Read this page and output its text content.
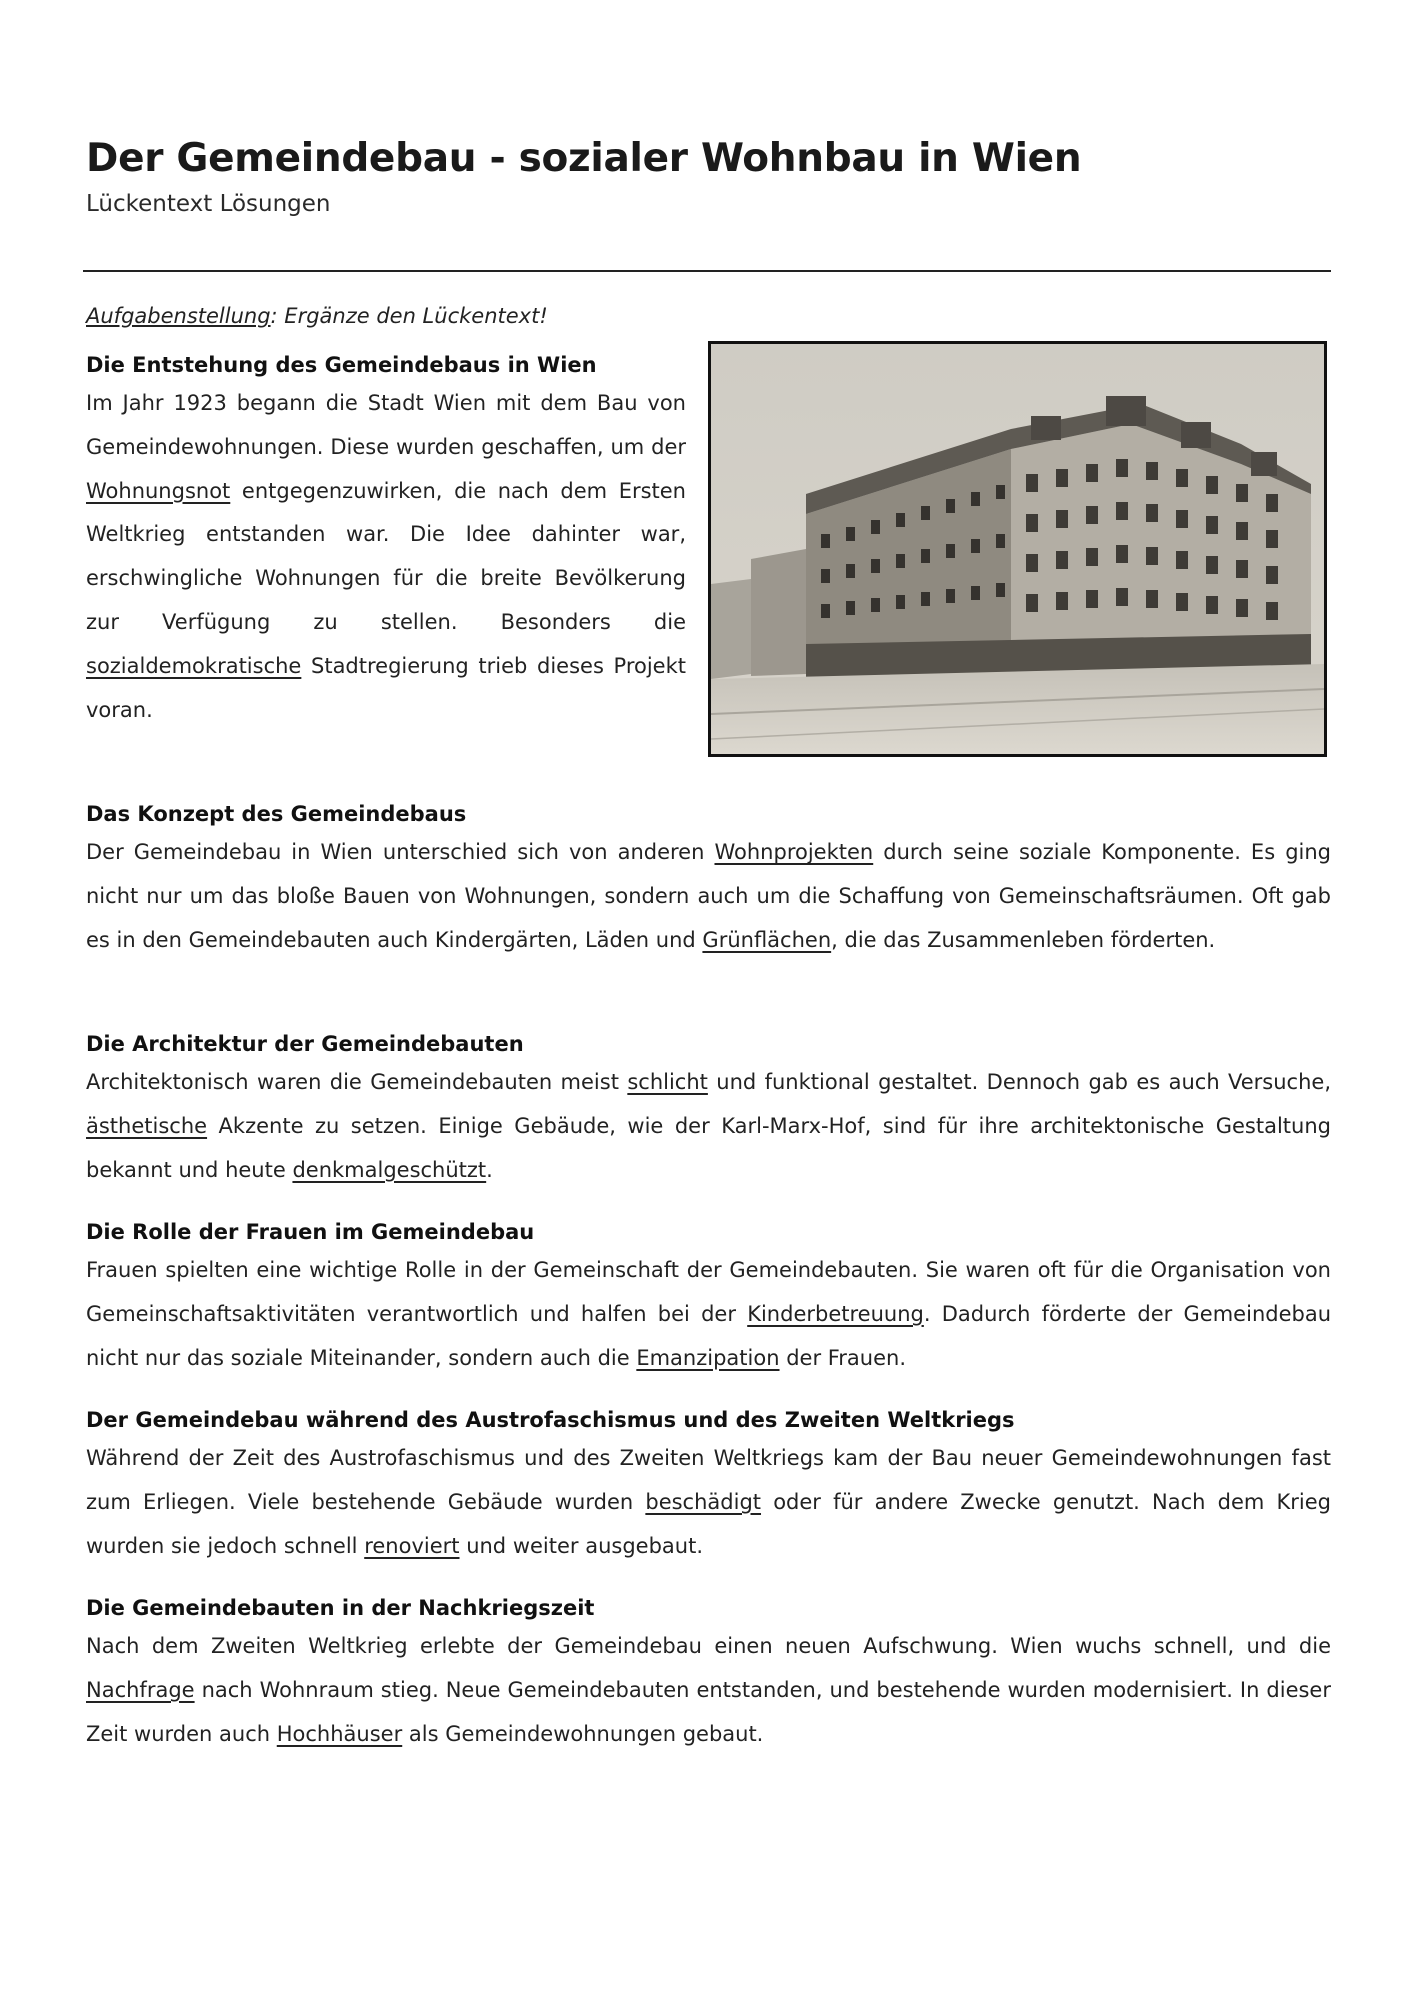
Der Gemeindebau - sozialer Wohnbau in Wien
Lückentext Lösungen
Aufgabenstellung: Ergänze den Lückentext!
Die Entstehung des Gemeindebaus in Wien

Im Jahr 1923 begann die Stadt Wien mit dem Bau von Gemeindewohnungen. Diese wurden geschaffen, um der Wohnungsnot entgegenzuwirken, die nach dem Ersten Weltkrieg entstanden war. Die Idee dahinter war, erschwingliche Wohnungen für die breite Bevölkerung zur Verfügung zu stellen. Besonders die sozialdemokratische Stadtregierung trieb dieses Projekt voran.

Das Konzept des Gemeindebaus

Der Gemeindebau in Wien unterschied sich von anderen Wohnprojekten durch seine soziale Komponente. Es ging nicht nur um das bloße Bauen von Wohnungen, sondern auch um die Schaffung von Gemeinschaftsräumen. Oft gab es in den Gemeindebauten auch Kindergärten, Läden und Grünflächen, die das Zusammenleben förderten.

Die Architektur der Gemeindebauten

Architektonisch waren die Gemeindebauten meist schlicht und funktional gestaltet. Dennoch gab es auch Versuche, ästhetische Akzente zu setzen. Einige Gebäude, wie der Karl-Marx-Hof, sind für ihre architektonische Gestaltung bekannt und heute denkmalgeschützt.

Die Rolle der Frauen im Gemeindebau

Frauen spielten eine wichtige Rolle in der Gemeinschaft der Gemeindebauten. Sie waren oft für die Organisation von Gemeinschaftsaktivitäten verantwortlich und halfen bei der Kinderbetreuung. Dadurch förderte der Gemeindebau nicht nur das soziale Miteinander, sondern auch die Emanzipation der Frauen.

Der Gemeindebau während des Austrofaschismus und des Zweiten Weltkriegs

Während der Zeit des Austrofaschismus und des Zweiten Weltkriegs kam der Bau neuer Gemeindewohnungen fast zum Erliegen. Viele bestehende Gebäude wurden beschädigt oder für andere Zwecke genutzt. Nach dem Krieg wurden sie jedoch schnell renoviert und weiter ausgebaut.

Die Gemeindebauten in der Nachkriegszeit

Nach dem Zweiten Weltkrieg erlebte der Gemeindebau einen neuen Aufschwung. Wien wuchs schnell, und die Nachfrage nach Wohnraum stieg. Neue Gemeindebauten entstanden, und bestehende wurden modernisiert. In dieser Zeit wurden auch Hochhäuser als Gemeindewohnungen gebaut.
